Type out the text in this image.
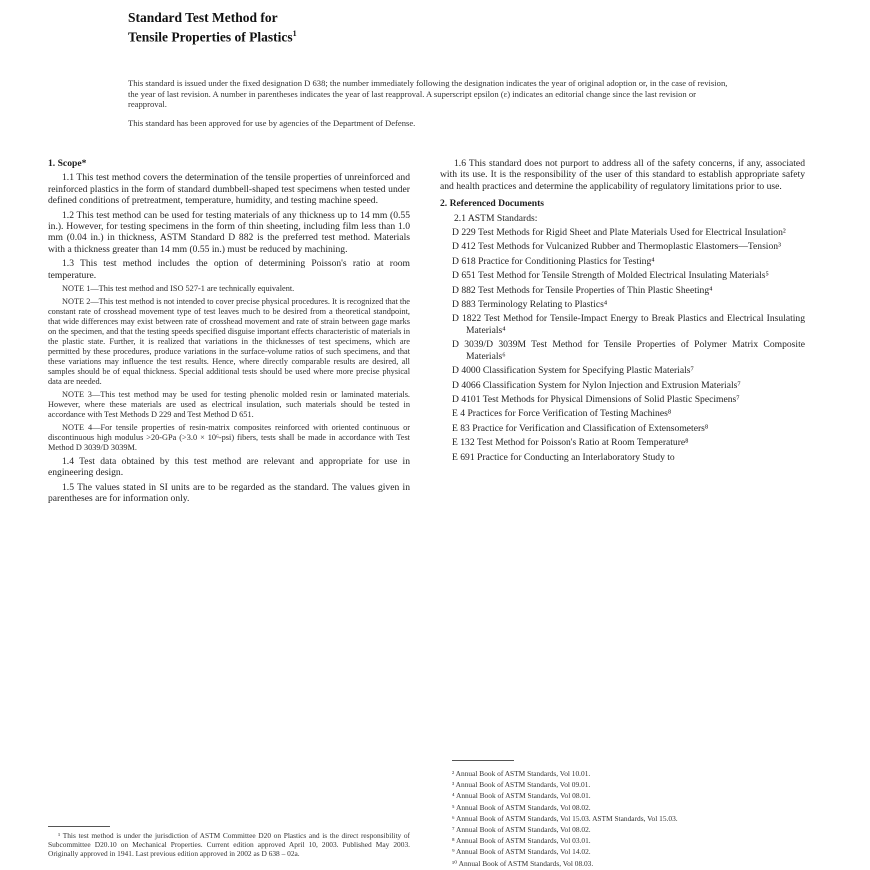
Standard Test Method for
Tensile Properties of Plastics$^1$

This standard is issued under the fixed designation D 638; the number immediately following the designation indicates the year of original adoption or, in the case of revision, the year of last revision. A number in parentheses indicates the year of last reapproval. A superscript epsilon (ε) indicates an editorial change since the last revision or reapproval.

This standard has been approved for use by agencies of the Department of Defense.

1. Scope*

1.1 This test method covers the determination of the tensile properties of unreinforced and reinforced plastics in the form of standard dumbbell-shaped test specimens when tested under defined conditions of pretreatment, temperature, humidity, and testing machine speed.

1.2 This test method can be used for testing materials of any thickness up to 14 mm (0.55 in.). However, for testing specimens in the form of thin sheeting, including film less than 1.0 mm (0.04 in.) in thickness, ASTM Standard D 882 is the preferred test method. Materials with a thickness greater than 14 mm (0.55 in.) must be reduced by machining.

1.3 This test method includes the option of determining Poisson's ratio at room temperature.

NOTE 1—This test method and ISO 527-1 are technically equivalent.

NOTE 2—This test method is not intended to cover precise physical procedures. It is recognized that the constant rate of crosshead movement type of test leaves much to be desired from a theoretical standpoint, that wide differences may exist between rate of crosshead movement and rate of strain between gage marks on the specimen, and that the testing speeds specified disguise important effects characteristic of materials in the plastic state. Further, it is realized that variations in the thicknesses of test specimens, which are permitted by these procedures, produce variations in the surface-volume ratios of such specimens, and that these variations may influence the test results. Hence, where directly comparable results are desired, all samples should be of equal thickness. Special additional tests should be used where more precise physical data are needed.

NOTE 3—This test method may be used for testing phenolic molded resin or laminated materials. However, where these materials are used as electrical insulation, such materials should be tested in accordance with Test Methods D 229 and Test Method D 651.

NOTE 4—For tensile properties of resin-matrix composites reinforced with oriented continuous or discontinuous high modulus >20-GPa (>3.0 × 10⁶-psi) fibers, tests shall be made in accordance with Test Method D 3039/D 3039M.

1.4 Test data obtained by this test method are relevant and appropriate for use in engineering design.

1.5 The values stated in SI units are to be regarded as the standard. The values given in parentheses are for information only.

¹ This test method is under the jurisdiction of ASTM Committee D20 on Plastics and is the direct responsibility of Subcommittee D20.10 on Mechanical Properties. Current edition approved April 10, 2003. Published May 2003. Originally approved in 1941. Last previous edition approved in 2002 as D 638 – 02a.

1.6 This standard does not purport to address all of the safety concerns, if any, associated with its use. It is the responsibility of the user of this standard to establish appropriate safety and health practices and determine the applicability of regulatory limitations prior to use.

2. Referenced Documents

2.1 ASTM Standards:

D 229 Test Methods for Rigid Sheet and Plate Materials Used for Electrical Insulation²

D 412 Test Methods for Vulcanized Rubber and Thermoplastic Elastomers—Tension³

D 618 Practice for Conditioning Plastics for Testing⁴

D 651 Test Method for Tensile Strength of Molded Electrical Insulating Materials⁵

D 882 Test Methods for Tensile Properties of Thin Plastic Sheeting⁴

D 883 Terminology Relating to Plastics⁴

D 1822 Test Method for Tensile-Impact Energy to Break Plastics and Electrical Insulating Materials⁴

D 3039/D 3039M Test Method for Tensile Properties of Polymer Matrix Composite Materials⁶

D 4000 Classification System for Specifying Plastic Materials⁷

D 4066 Classification System for Nylon Injection and Extrusion Materials⁷

D 4101 Test Methods for Physical Dimensions of Solid Plastic Specimens⁷

E 4 Practices for Force Verification of Testing Machines⁸

E 83 Practice for Verification and Classification of Extensometers⁸

E 132 Test Method for Poisson's Ratio at Room Temperature⁸

E 691 Practice for Conducting an Interlaboratory Study to

² Annual Book of ASTM Standards, Vol 10.01.
³ Annual Book of ASTM Standards, Vol 09.01.
⁴ Annual Book of ASTM Standards, Vol 08.01.
⁵ Annual Book of ASTM Standards, Vol 08.02.
⁶ Annual Book of ASTM Standards, Vol 15.03. ASTM Standards, Vol 15.03.
⁷ Annual Book of ASTM Standards, Vol 08.02.
⁸ Annual Book of ASTM Standards, Vol 03.01.
⁹ Annual Book of ASTM Standards, Vol 14.02.
¹⁰ Annual Book of ASTM Standards, Vol 08.03.
